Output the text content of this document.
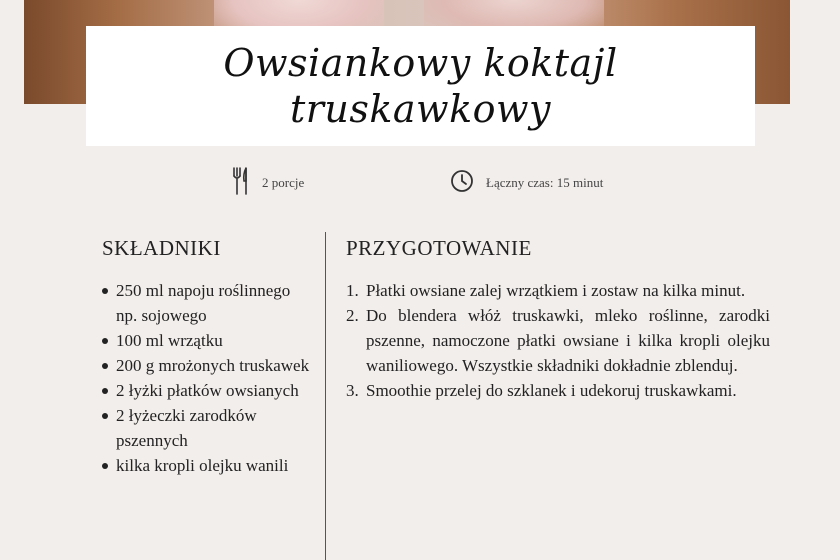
Owsiankowy koktajl
truskawkowy
2 porcje	Łączny czas: 15 minut
SKŁADNIKI	PRZYGOTOWANIE
250 ml napoju roślinnego np. sojowego
100 ml wrzątku
200 g mrożonych truskawek
2 łyżki płatków owsianych
2 łyżeczki zarodków pszennych
kilka kropli olejku wanili
1. Płatki owsiane zalej wrzątkiem i zostaw na kilka minut.
2. Do blendera włóż truskawki, mleko roślinne, zarodki pszenne, namoczone płatki owsiane i kilka kropli olejku waniliowego. Wszystkie składniki dokładnie zblenduj.
3. Smoothie przelej do szklanek i udekoruj truskawkami.
